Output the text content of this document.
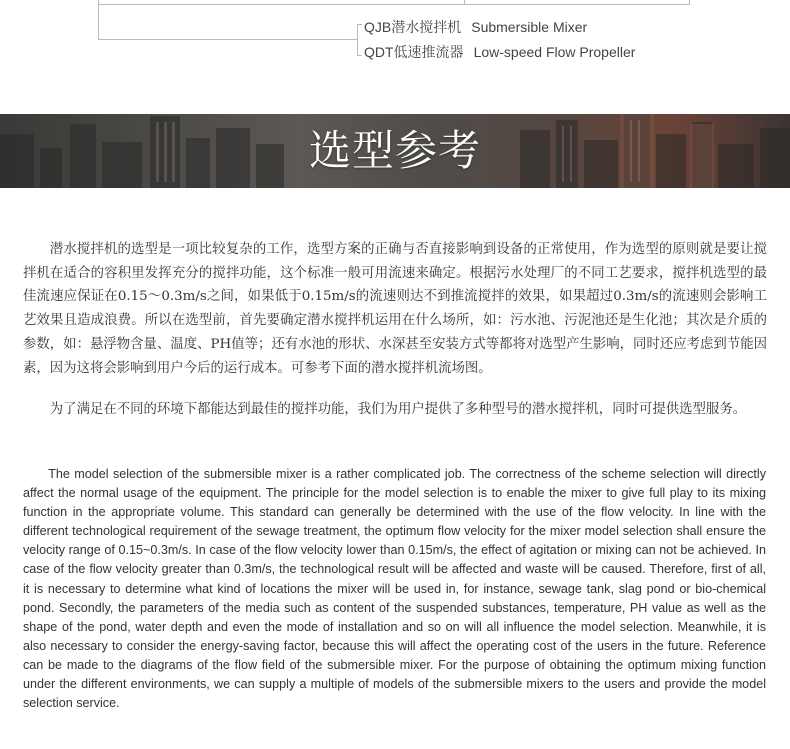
QJB潜水搅拌机 Submersible Mixer
QDT低速推流器 Low-speed Flow Propeller
选型参考

潜水搅拌机的选型是一项比较复杂的工作，选型方案的正确与否直接影响到设备的正常使用，作为选型的原则就是要让搅拌机在适合的容积里发挥充分的搅拌功能，这个标准一般可用流速来确定。根据污水处理厂的不同工艺要求，搅拌机选型的最佳流速应保证在0.15～0.3m/s之间，如果低于0.15m/s的流速则达不到推流搅拌的效果，如果超过0.3m/s的流速则会影响工艺效果且造成浪费。所以在选型前，首先要确定潜水搅拌机运用在什么场所，如：污水池、污泥池还是生化池；其次是介质的参数，如：悬浮物含量、温度、PH值等；还有水池的形状、水深甚至安装方式等都将对选型产生影响，同时还应考虑到节能因素，因为这将会影响到用户今后的运行成本。可参考下面的潜水搅拌机流场图。

为了满足在不同的环境下都能达到最佳的搅拌功能，我们为用户提供了多种型号的潜水搅拌机，同时可提供选型服务。

The model selection of the submersible mixer is a rather complicated job. The correctness of the scheme selection will directly affect the normal usage of the equipment. The principle for the model selection is to enable the mixer to give full play to its mixing function in the appropriate volume. This standard can generally be determined with the use of the flow velocity. In line with the different technological requirement of the sewage treatment, the optimum flow velocity for the mixer model selection shall ensure the velocity range of 0.15~0.3m/s. In case of the flow velocity lower than 0.15m/s, the effect of agitation or mixing can not be achieved. In case of the flow velocity greater than 0.3m/s, the technological result will be affected and waste will be caused. Therefore, first of all, it is necessary to determine what kind of locations the mixer will be used in, for instance, sewage tank, slag pond or bio-chemical pond. Secondly, the parameters of the media such as content of the suspended substances, temperature, PH value as well as the shape of the pond, water depth and even the mode of installation and so on will all influence the model selection. Meanwhile, it is also necessary to consider the energy-saving factor, because this will affect the operating cost of the users in the future. Reference can be made to the diagrams of the flow field of the submersible mixer. For the purpose of obtaining the optimum mixing function under the different environments, we can supply a multiple of models of the submersible mixers to the users and provide the model selection service.
